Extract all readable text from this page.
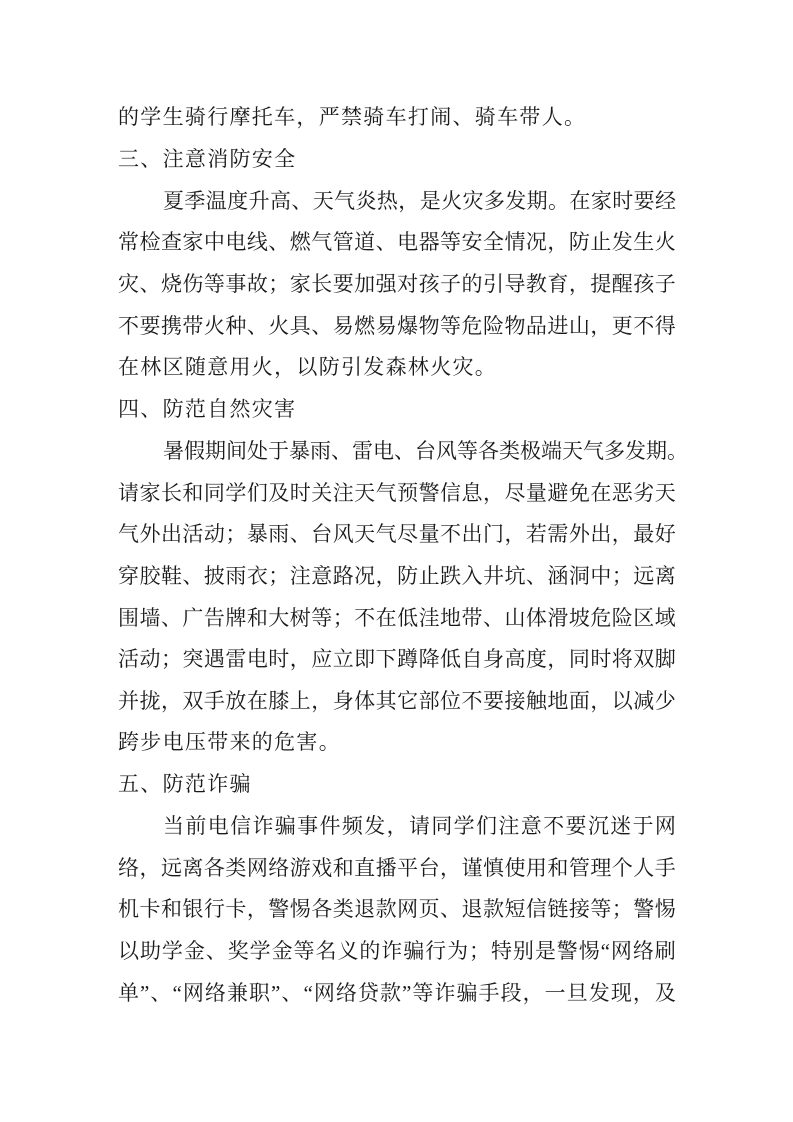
的学生骑行摩托车，严禁骑车打闹、骑车带人。
三、注意消防安全
夏 季 温 度 升 高 、 天 气 炎 热 ， 是 火 灾 多 发 期 。 在 家 时 要 经
常 检 查 家 中 电 线 、 燃 气 管 道 、 电 器 等 安 全 情 况 ， 防 止 发 生 火
灾 、 烧 伤 等 事 故 ； 家 长 要 加 强 对 孩 子 的 引 导 教 育 ， 提 醒 孩 子
不 要 携 带 火 种 、 火 具 、 易 燃 易 爆 物 等 危 险 物 品 进 山 ， 更 不 得
在林区随意用火，以防引发森林火灾。
四、防范自然灾害
暑 假 期 间 处 于 暴 雨 、 雷 电 、 台 风 等 各 类 极 端 天 气 多 发 期 。
请 家 长 和 同 学 们 及 时 关 注 天 气 预 警 信 息 ， 尽 量 避 免 在 恶 劣 天
气 外 出 活 动 ； 暴 雨 、 台 风 天 气 尽 量 不 出 门 ， 若 需 外 出 ， 最 好
穿 胶 鞋 、 披 雨 衣 ； 注 意 路 况 ， 防 止 跌 入 井 坑 、 涵 洞 中 ； 远 离
围 墙 、 广 告 牌 和 大 树 等 ； 不 在 低 洼 地 带 、 山 体 滑 坡 危 险 区 域
活 动 ； 突 遇 雷 电 时 ， 应 立 即 下 蹲 降 低 自 身 高 度 ， 同 时 将 双 脚
并 拢 ， 双 手 放 在 膝 上 ， 身 体 其 它 部 位 不 要 接 触 地 面 ， 以 减 少
跨步电压带来的危害。
五、防范诈骗
当 前 电 信 诈 骗 事 件 频 发 ， 请 同 学 们 注 意 不 要 沉 迷 于 网
络 ， 远 离 各 类 网 络 游 戏 和 直 播 平 台 ， 谨 慎 使 用 和 管 理 个 人 手
机 卡 和 银 行 卡 ， 警 惕 各 类 退 款 网 页 、 退 款 短 信 链 接 等 ； 警 惕
以 助 学 金 、 奖 学 金 等 名 义 的 诈 骗 行 为 ； 特 别 是 警 惕 “ 网 络 刷
单 ” 、 “ 网 络 兼 职 ” 、 “ 网 络 贷 款 ” 等 诈 骗 手 段 ， 一 旦 发 现 ， 及
